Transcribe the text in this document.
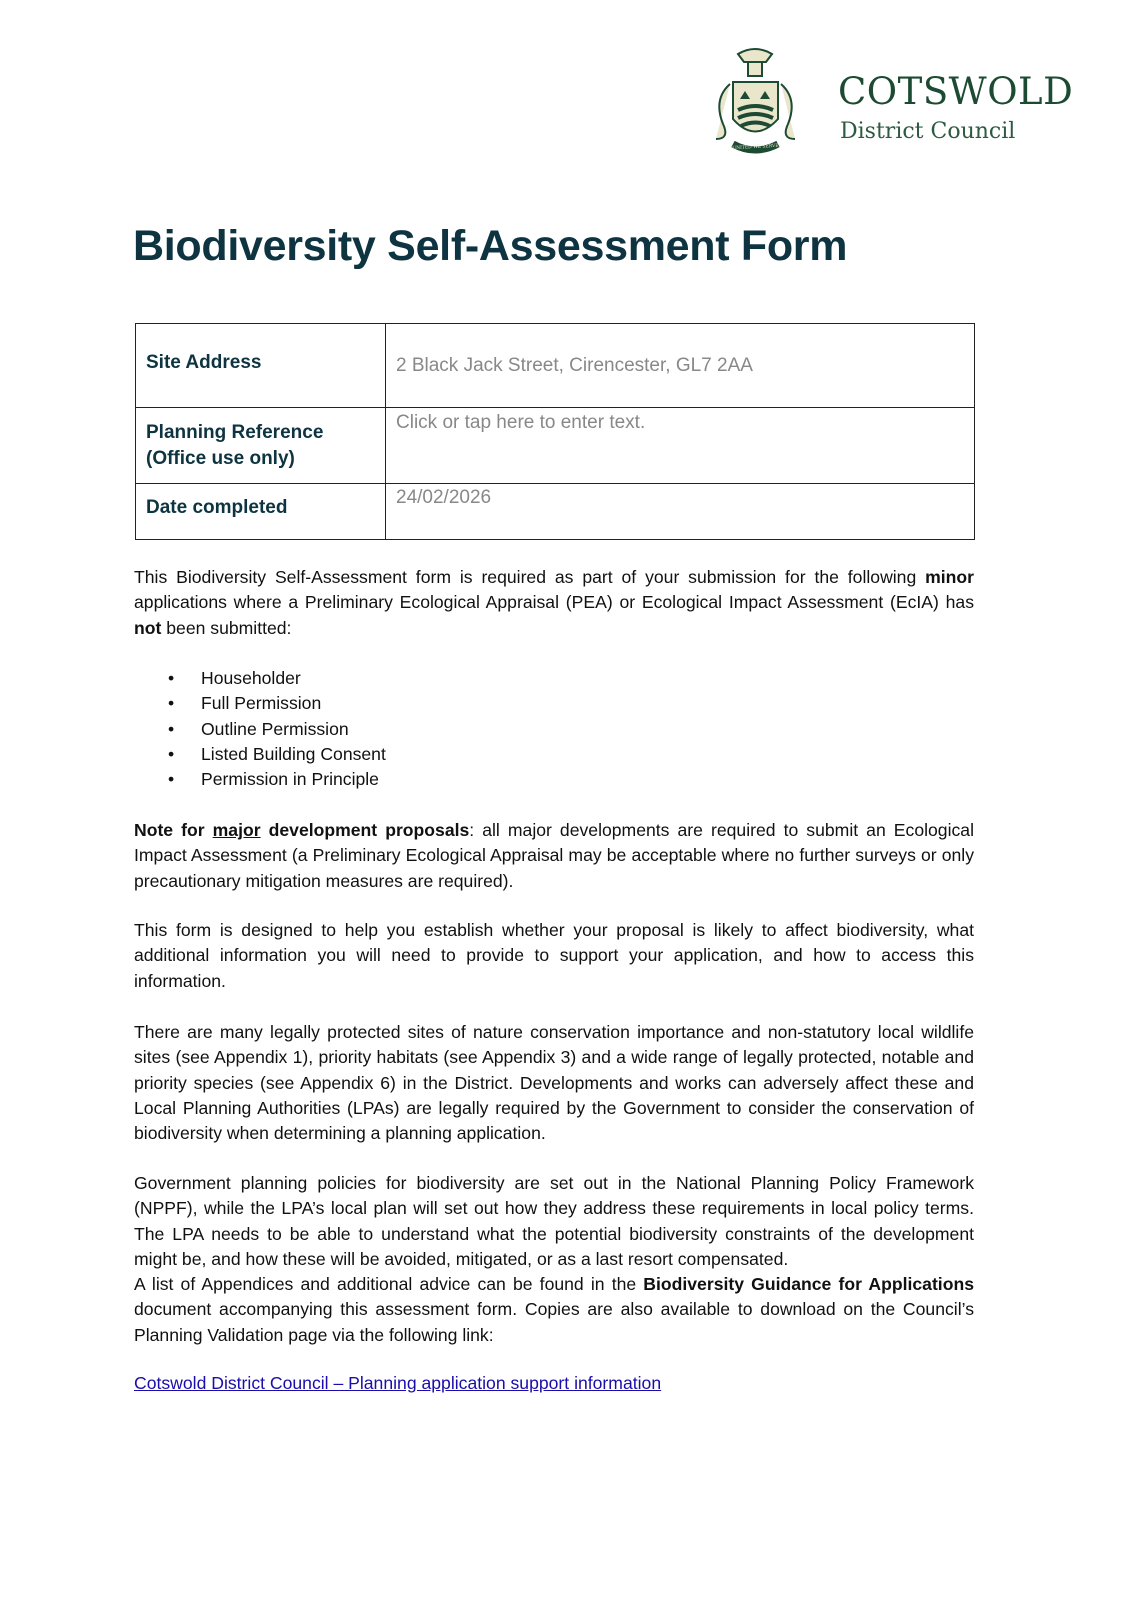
UNITED WE SERVE
COTSWOLD
District Council
Biodiversity Self-Assessment Form
Site Address	2 Black Jack Street, Cirencester, GL7 2AA
Planning Reference (Office use only)	Click or tap here to enter text.
Date completed	24/02/2026

This Biodiversity Self-Assessment form is required as part of your submission for the following minor applications where a Preliminary Ecological Appraisal (PEA) or Ecological Impact Assessment (EcIA) has not been submitted:

• Householder
• Full Permission
• Outline Permission
• Listed Building Consent
• Permission in Principle

Note for major development proposals: all major developments are required to submit an Ecological Impact Assessment (a Preliminary Ecological Appraisal may be acceptable where no further surveys or only precautionary mitigation measures are required).

This form is designed to help you establish whether your proposal is likely to affect biodiversity, what additional information you will need to provide to support your application, and how to access this information.

There are many legally protected sites of nature conservation importance and non-statutory local wildlife sites (see Appendix 1), priority habitats (see Appendix 3) and a wide range of legally protected, notable and priority species (see Appendix 6) in the District. Developments and works can adversely affect these and Local Planning Authorities (LPAs) are legally required by the Government to consider the conservation of biodiversity when determining a planning application.

Government planning policies for biodiversity are set out in the National Planning Policy Framework (NPPF), while the LPA’s local plan will set out how they address these requirements in local policy terms. The LPA needs to be able to understand what the potential biodiversity constraints of the development might be, and how these will be avoided, mitigated, or as a last resort compensated.

A list of Appendices and additional advice can be found in the Biodiversity Guidance for Applications document accompanying this assessment form. Copies are also available to download on the Council’s Planning Validation page via the following link:

Cotswold District Council – Planning application support information
